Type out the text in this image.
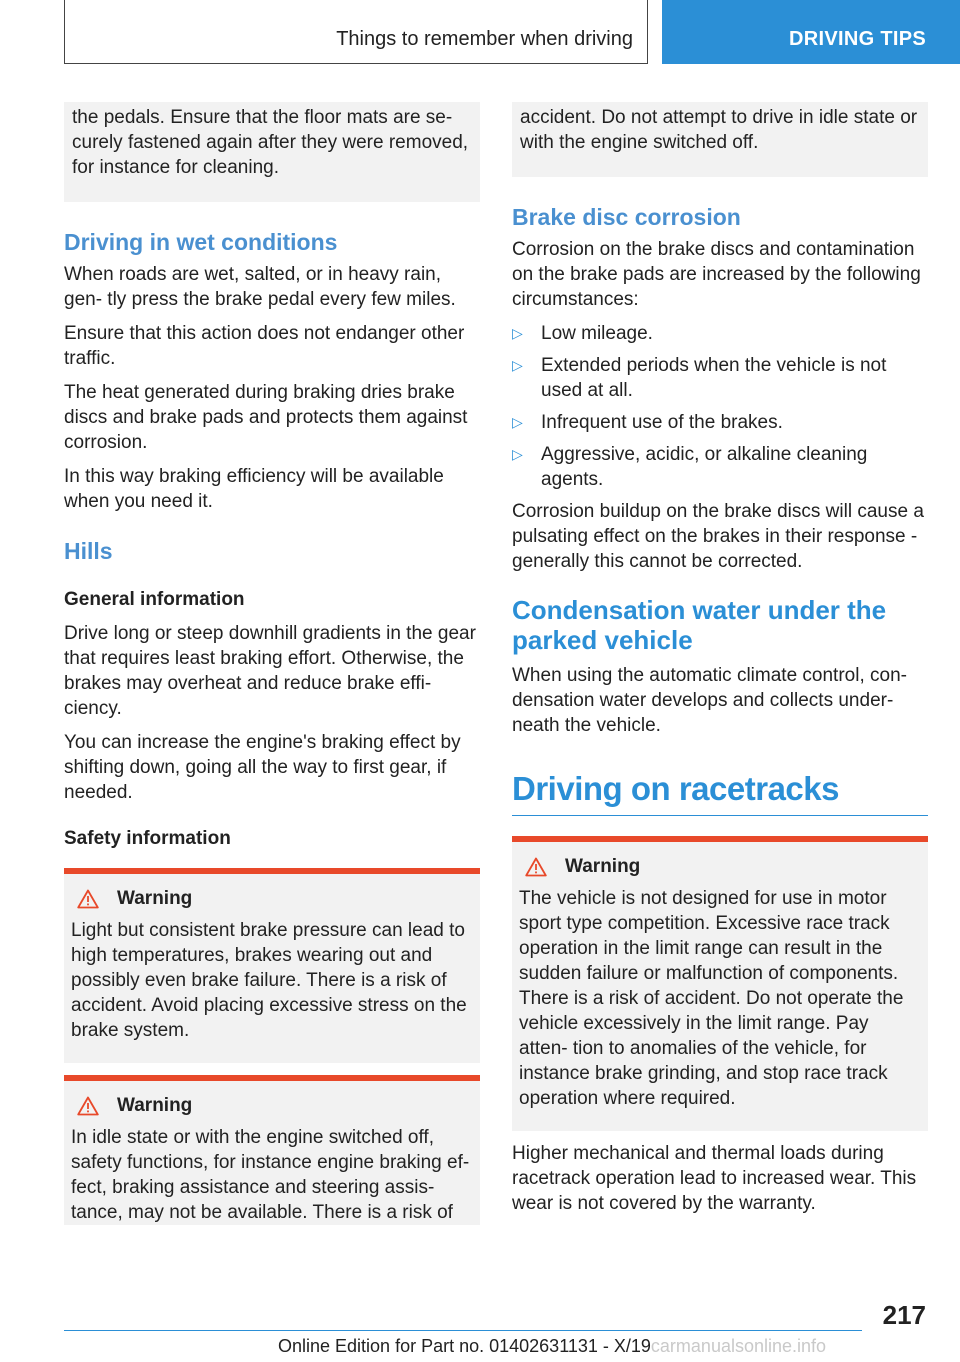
Things to remember when driving	DRIVING TIPS

the pedals. Ensure that the floor mats are se‐ curely fastened again after they were removed, for instance for cleaning.

Driving in wet conditions

When roads are wet, salted, or in heavy rain, gen‐ tly press the brake pedal every few miles.

Ensure that this action does not endanger other traffic.

The heat generated during braking dries brake discs and brake pads and protects them against corrosion.

In this way braking efficiency will be available when you need it.

Hills
General information

Drive long or steep downhill gradients in the gear that requires least braking effort. Otherwise, the brakes may overheat and reduce brake effi‐ ciency.

You can increase the engine's braking effect by shifting down, going all the way to first gear, if needed.

Safety information
Warning

Light but consistent brake pressure can lead to high temperatures, brakes wearing out and possibly even brake failure. There is a risk of accident. Avoid placing excessive stress on the brake system.

Warning

In idle state or with the engine switched off, safety functions, for instance engine braking ef‐ fect, braking assistance and steering assis‐ tance, may not be available. There is a risk of

accident. Do not attempt to drive in idle state or with the engine switched off.

Brake disc corrosion

Corrosion on the brake discs and contamination on the brake pads are increased by the following circumstances:

▷ Low mileage.
▷ Extended periods when the vehicle is not used at all.
▷ Infrequent use of the brakes.
▷ Aggressive, acidic, or alkaline cleaning agents.

Corrosion buildup on the brake discs will cause a pulsating effect on the brakes in their response - generally this cannot be corrected.

Condensation water under the parked vehicle

When using the automatic climate control, con‐ densation water develops and collects under‐ neath the vehicle.

Driving on racetracks
Warning

The vehicle is not designed for use in motor sport type competition. Excessive race track operation in the limit range can result in the sudden failure or malfunction of components. There is a risk of accident. Do not operate the vehicle excessively in the limit range. Pay atten‐ tion to anomalies of the vehicle, for instance brake grinding, and stop race track operation where required.

Higher mechanical and thermal loads during racetrack operation lead to increased wear. This wear is not covered by the warranty.

217
Online Edition for Part no. 01402631131 - X/19carmanualsonline.info
